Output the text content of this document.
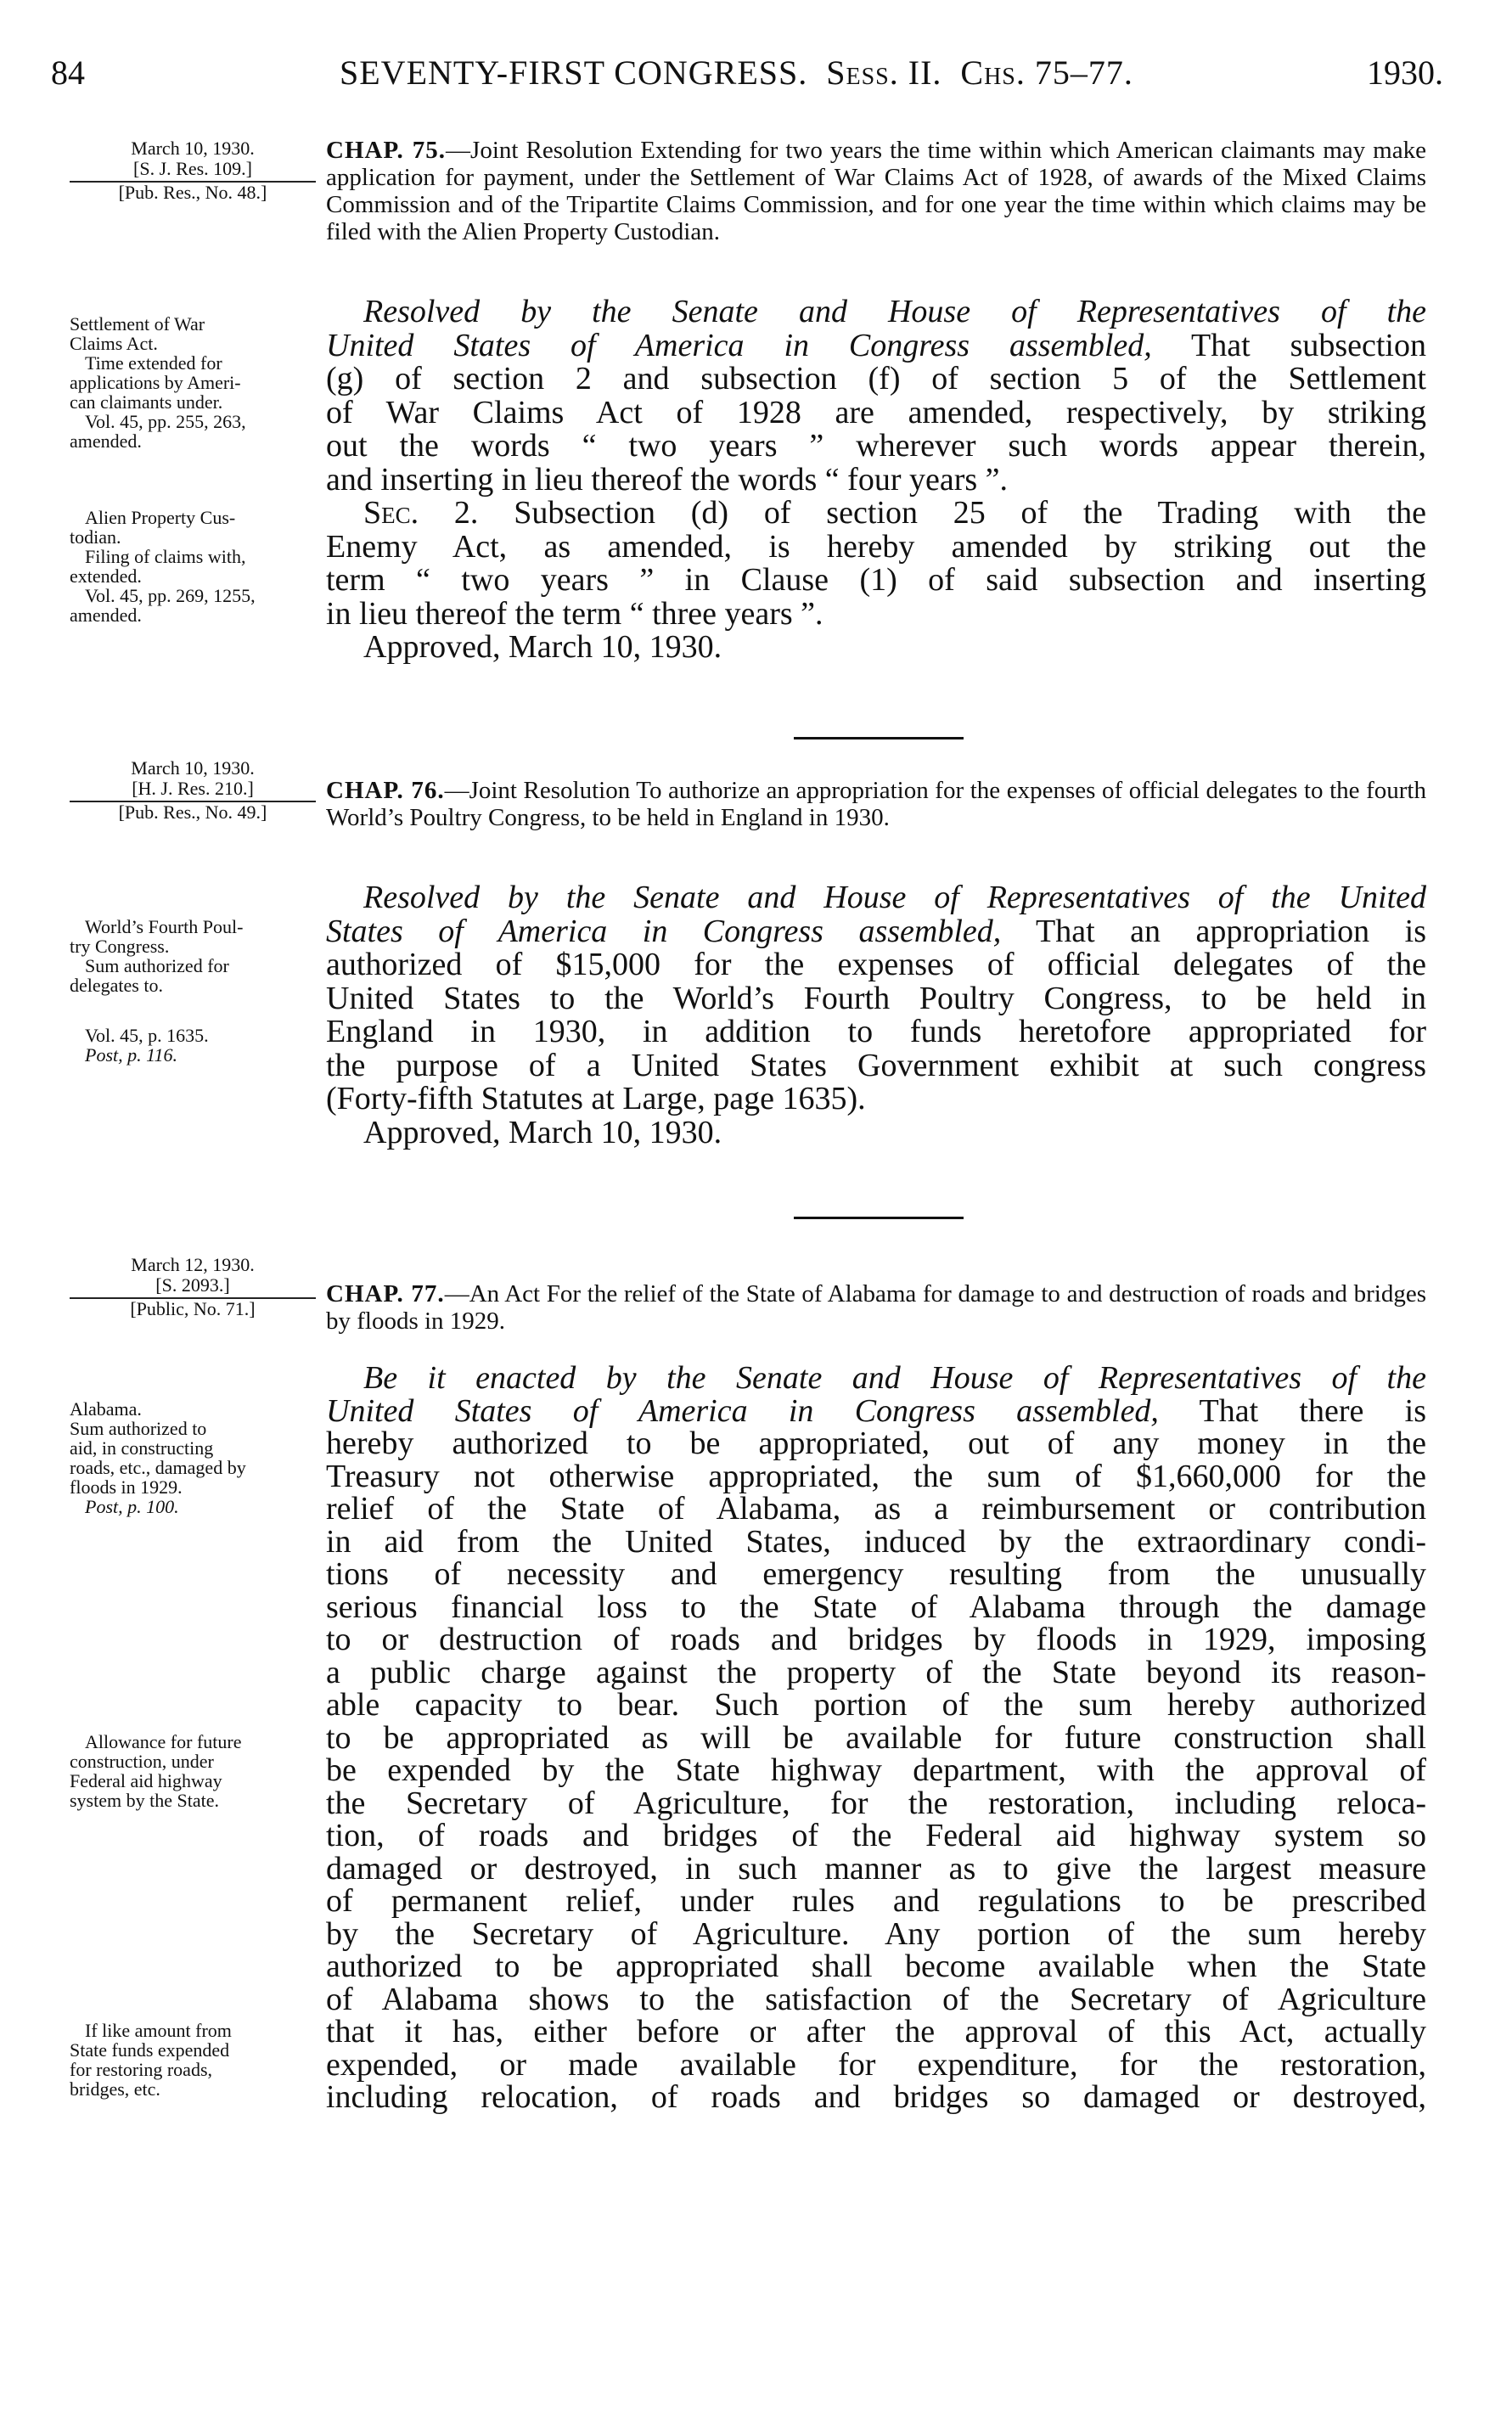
84	SEVENTY-FIRST CONGRESS. Sess. II. Chs. 75–77.	1930.
March 10, 1930.
[S. J. Res. 109.]
[Pub. Res., No. 48.]
CHAP. 75.—Joint Resolution Extending for two years the time within which American claimants may make application for payment, under the Settlement of War Claims Act of 1928, of awards of the Mixed Claims Commission and of the Tripartite Claims Commission, and for one year the time within which claims may be filed with the Alien Property Custodian.
Settlement of War
Claims Act.
Time extended for
applications by Ameri-
can claimants under.
Vol. 45, pp. 255, 263,
amended.
Alien Property Cus-
todian.
Filing of claims with,
extended.
Vol. 45, pp. 269, 1255,
amended.
Resolved by the Senate and House of Representatives of the
United States of America in Congress assembled, That subsection
(g) of section 2 and subsection (f) of section 5 of the Settlement
of War Claims Act of 1928 are amended, respectively, by striking
out the words “ two years ” wherever such words appear therein,
and inserting in lieu thereof the words “ four years ”.
Sec. 2. Subsection (d) of section 25 of the Trading with the
Enemy Act, as amended, is hereby amended by striking out the
term “ two years ” in Clause (1) of said subsection and inserting
in lieu thereof the term “ three years ”.
Approved, March 10, 1930.
March 10, 1930.
[H. J. Res. 210.]
[Pub. Res., No. 49.]
CHAP. 76.—Joint Resolution To authorize an appropriation for the expenses of official delegates to the fourth World’s Poultry Congress, to be held in England in 1930.
World’s Fourth Poul-
try Congress.
Sum authorized for
delegates to.
Vol. 45, p. 1635.
Post, p. 116.
Resolved by the Senate and House of Representatives of the United
States of America in Congress assembled, That an appropriation is
authorized of $15,000 for the expenses of official delegates of the
United States to the World’s Fourth Poultry Congress, to be held in
England in 1930, in addition to funds heretofore appropriated for
the purpose of a United States Government exhibit at such congress
(Forty-fifth Statutes at Large, page 1635).
Approved, March 10, 1930.
March 12, 1930.
[S. 2093.]
[Public, No. 71.]
CHAP. 77.—An Act For the relief of the State of Alabama for damage to and destruction of roads and bridges by floods in 1929.
Alabama.
Sum authorized to
aid, in constructing
roads, etc., damaged by
floods in 1929.
Post, p. 100.
Allowance for future
construction, under
Federal aid highway
system by the State.
If like amount from
State funds expended
for restoring roads,
bridges, etc.
Be it enacted by the Senate and House of Representatives of the
United States of America in Congress assembled, That there is
hereby authorized to be appropriated, out of any money in the
Treasury not otherwise appropriated, the sum of $1,660,000 for the
relief of the State of Alabama, as a reimbursement or contribution
in aid from the United States, induced by the extraordinary condi-
tions of necessity and emergency resulting from the unusually
serious financial loss to the State of Alabama through the damage
to or destruction of roads and bridges by floods in 1929, imposing
a public charge against the property of the State beyond its reason-
able capacity to bear. Such portion of the sum hereby authorized
to be appropriated as will be available for future construction shall
be expended by the State highway department, with the approval of
the Secretary of Agriculture, for the restoration, including reloca-
tion, of roads and bridges of the Federal aid highway system so
damaged or destroyed, in such manner as to give the largest measure
of permanent relief, under rules and regulations to be prescribed
by the Secretary of Agriculture. Any portion of the sum hereby
authorized to be appropriated shall become available when the State
of Alabama shows to the satisfaction of the Secretary of Agriculture
that it has, either before or after the approval of this Act, actually
expended, or made available for expenditure, for the restoration,
including relocation, of roads and bridges so damaged or destroyed,
